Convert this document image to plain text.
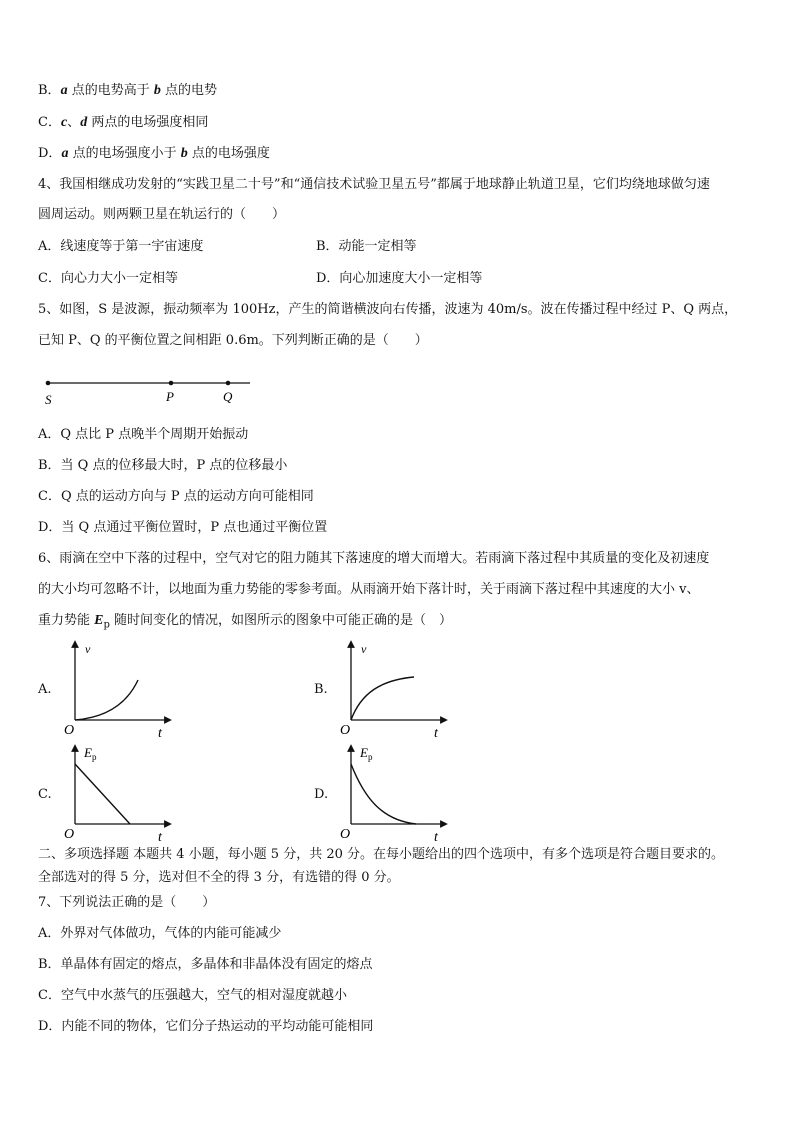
B．a 点的电势高于 b 点的电势
C．c、d 两点的电场强度相同
D．a 点的电场强度小于 b 点的电场强度
4、我国相继成功发射的“实践卫星二十号”和“通信技术试验卫星五号”都属于地球静止轨道卫星，它们均绕地球做匀速
圆周运动。则两颗卫星在轨运行的（　　）
A．线速度等于第一宇宙速度	B．动能一定相等
C．向心力大小一定相等	D．向心加速度大小一定相等
5、如图，S 是波源，振动频率为 100Hz，产生的简谐横波向右传播，波速为 40m/s。波在传播过程中经过 P、Q 两点，
已知 P、Q 的平衡位置之间相距 0.6m。下列判断正确的是（　　）
S	P	Q
A．Q 点比 P 点晚半个周期开始振动
B．当 Q 点的位移最大时，P 点的位移最小
C．Q 点的运动方向与 P 点的运动方向可能相同
D．当 Q 点通过平衡位置时，P 点也通过平衡位置
6、雨滴在空中下落的过程中，空气对它的阻力随其下落速度的增大而增大。若雨滴下落过程中其质量的变化及初速度
的大小均可忽略不计，以地面为重力势能的零参考面。从雨滴开始下落计时，关于雨滴下落过程中其速度的大小 v、
重力势能 $E_p$ 随时间变化的情况，如图所示的图象中可能正确的是（　）
A.
v
O	t
B.
v
O	t
C.
$E_p$
O	t
D.
$E_p$
O	t
二、多项选择题 本题共 4 小题，每小题 5 分，共 20 分。在每小题给出的四个选项中，有多个选项是符合题目要求的。
全部选对的得 5 分，选对但不全的得 3 分，有选错的得 0 分。
7、下列说法正确的是（　　）
A．外界对气体做功，气体的内能可能减少
B．单晶体有固定的熔点，多晶体和非晶体没有固定的熔点
C．空气中水蒸气的压强越大，空气的相对湿度就越小
D．内能不同的物体，它们分子热运动的平均动能可能相同
